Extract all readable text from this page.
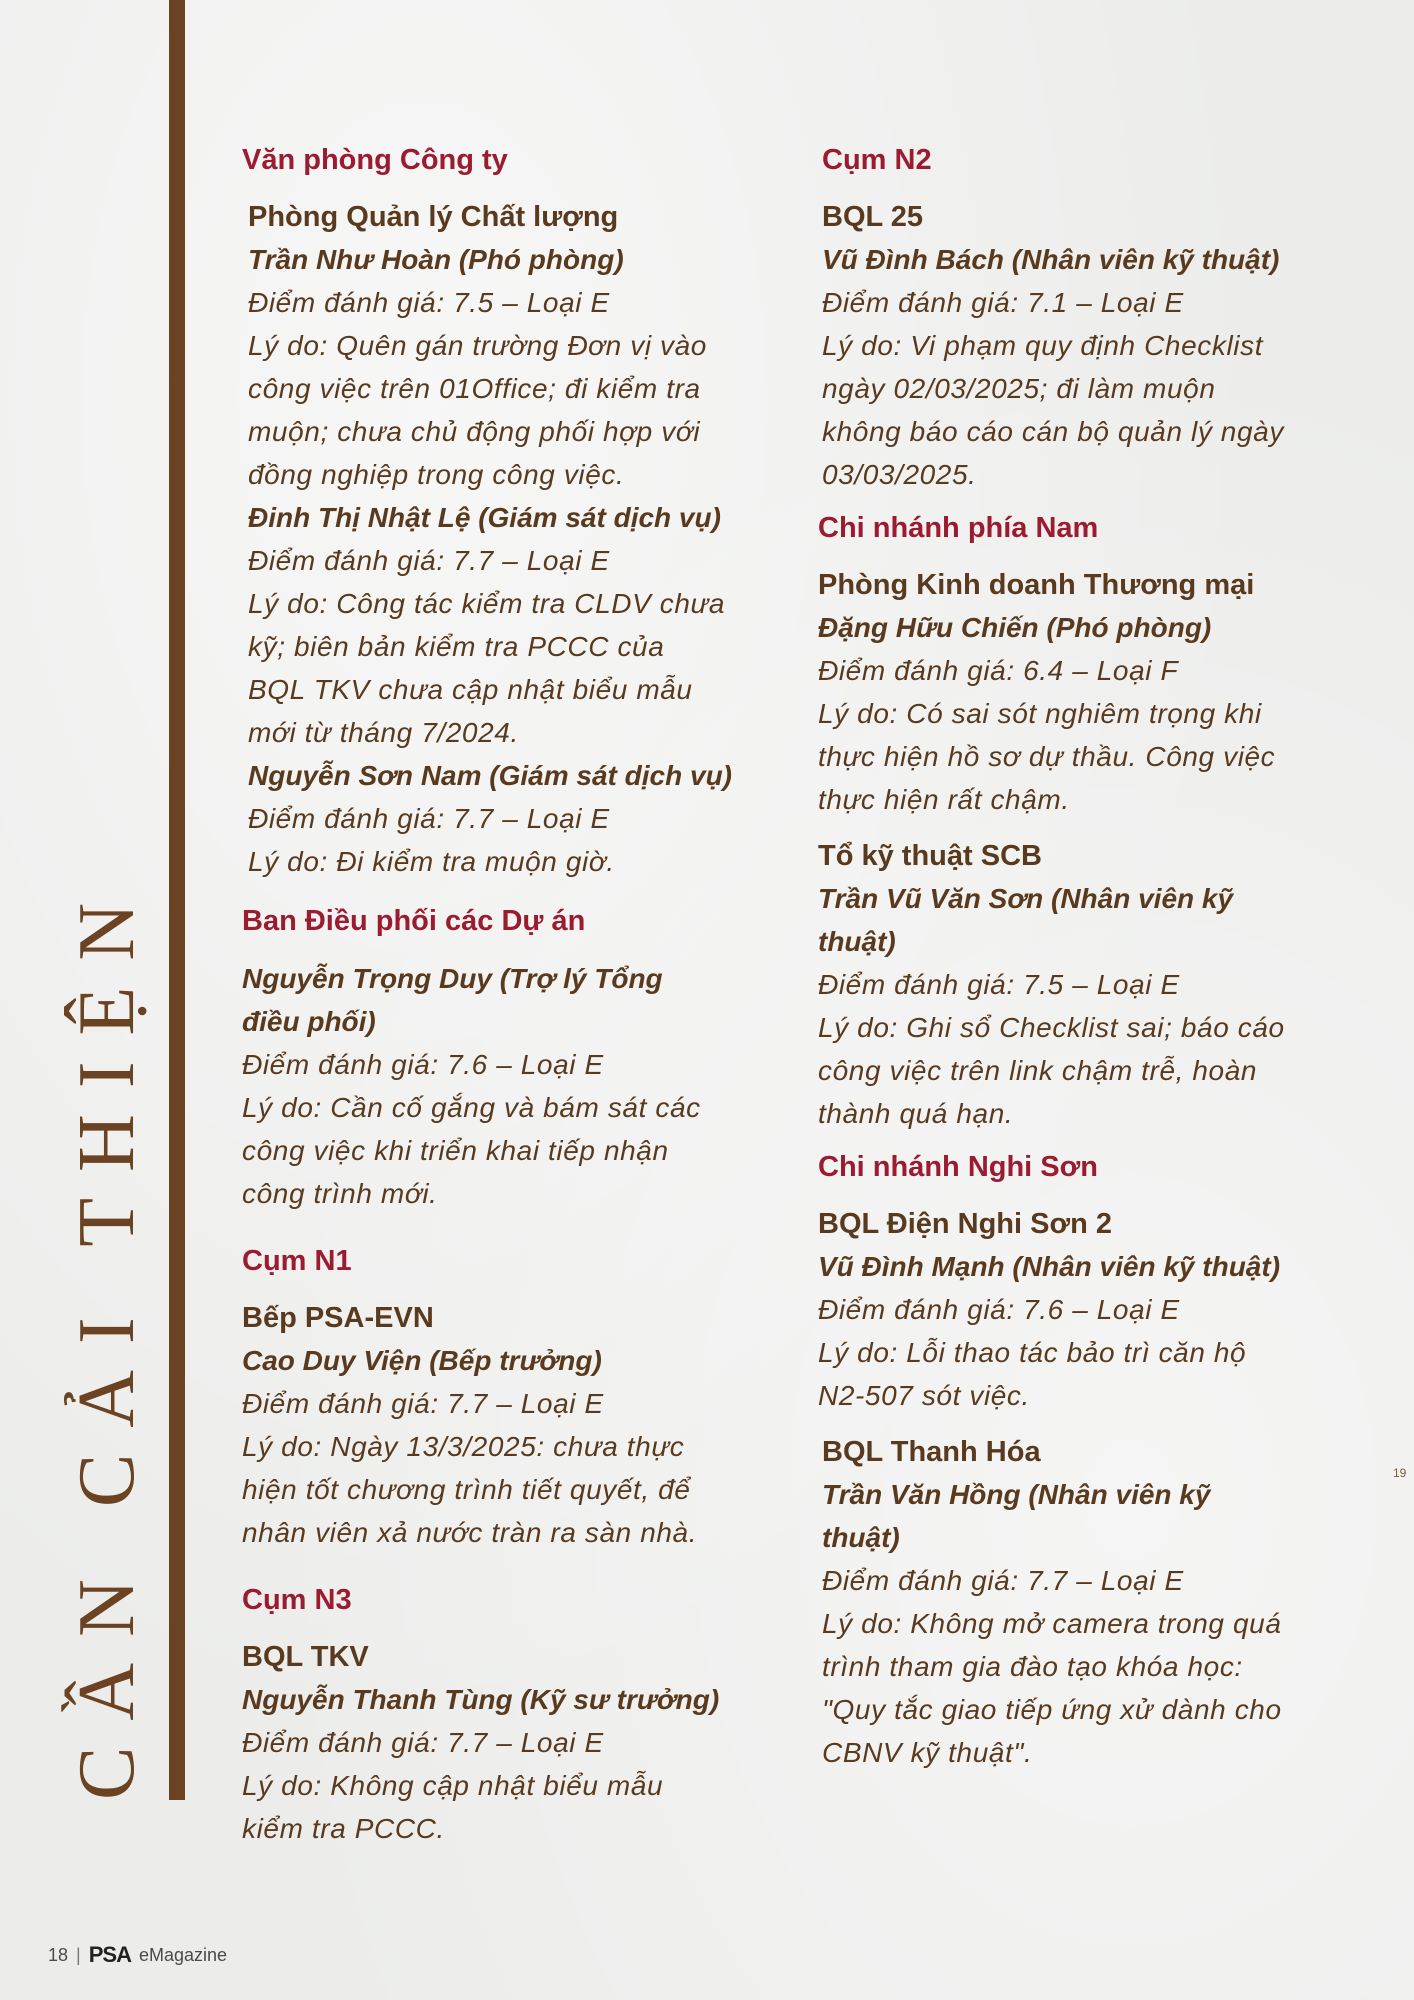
CẦN CẢI THIỆN

Văn phòng Công ty

Phòng Quản lý Chất lượng

Trần Như Hoàn (Phó phòng)

Điểm đánh giá: 7.5 – Loại E

Lý do: Quên gán trường Đơn vị vào

công việc trên 01Office; đi kiểm tra

muộn; chưa chủ động phối hợp với

đồng nghiệp trong công việc.

Đinh Thị Nhật Lệ (Giám sát dịch vụ)

Điểm đánh giá: 7.7 – Loại E

Lý do: Công tác kiểm tra CLDV chưa

kỹ; biên bản kiểm tra PCCC của

BQL TKV chưa cập nhật biểu mẫu

mới từ tháng 7/2024.

Nguyễn Sơn Nam (Giám sát dịch vụ)

Điểm đánh giá: 7.7 – Loại E

Lý do: Đi kiểm tra muộn giờ.

Ban Điều phối các Dự án

Nguyễn Trọng Duy (Trợ lý Tổng

điều phối)

Điểm đánh giá: 7.6 – Loại E

Lý do: Cần cố gắng và bám sát các

công việc khi triển khai tiếp nhận

công trình mới.

Cụm N1

Bếp PSA-EVN

Cao Duy Viện (Bếp trưởng)

Điểm đánh giá: 7.7 – Loại E

Lý do: Ngày 13/3/2025: chưa thực

hiện tốt chương trình tiết quyết, để

nhân viên xả nước tràn ra sàn nhà.

Cụm N3

BQL TKV

Nguyễn Thanh Tùng (Kỹ sư trưởng)

Điểm đánh giá: 7.7 – Loại E

Lý do: Không cập nhật biểu mẫu

kiểm tra PCCC.

Cụm N2

BQL 25

Vũ Đình Bách (Nhân viên kỹ thuật)

Điểm đánh giá: 7.1 – Loại E

Lý do: Vi phạm quy định Checklist

ngày 02/03/2025; đi làm muộn

không báo cáo cán bộ quản lý ngày

03/03/2025.

Chi nhánh phía Nam

Phòng Kinh doanh Thương mại

Đặng Hữu Chiến (Phó phòng)

Điểm đánh giá: 6.4 – Loại F

Lý do: Có sai sót nghiêm trọng khi

thực hiện hồ sơ dự thầu. Công việc

thực hiện rất chậm.

Tổ kỹ thuật SCB

Trần Vũ Văn Sơn (Nhân viên kỹ

thuật)

Điểm đánh giá: 7.5 – Loại E

Lý do: Ghi sổ Checklist sai; báo cáo

công việc trên link chậm trễ, hoàn

thành quá hạn.

Chi nhánh Nghi Sơn

BQL Điện Nghi Sơn 2

Vũ Đình Mạnh (Nhân viên kỹ thuật)

Điểm đánh giá: 7.6 – Loại E

Lý do: Lỗi thao tác bảo trì căn hộ

N2-507 sót việc.

BQL Thanh Hóa

Trần Văn Hồng (Nhân viên kỹ

thuật)

Điểm đánh giá: 7.7 – Loại E

Lý do: Không mở camera trong quá

trình tham gia đào tạo khóa học:

"Quy tắc giao tiếp ứng xử dành cho

CBNV kỹ thuật".

19
18 | PSA eMagazine
